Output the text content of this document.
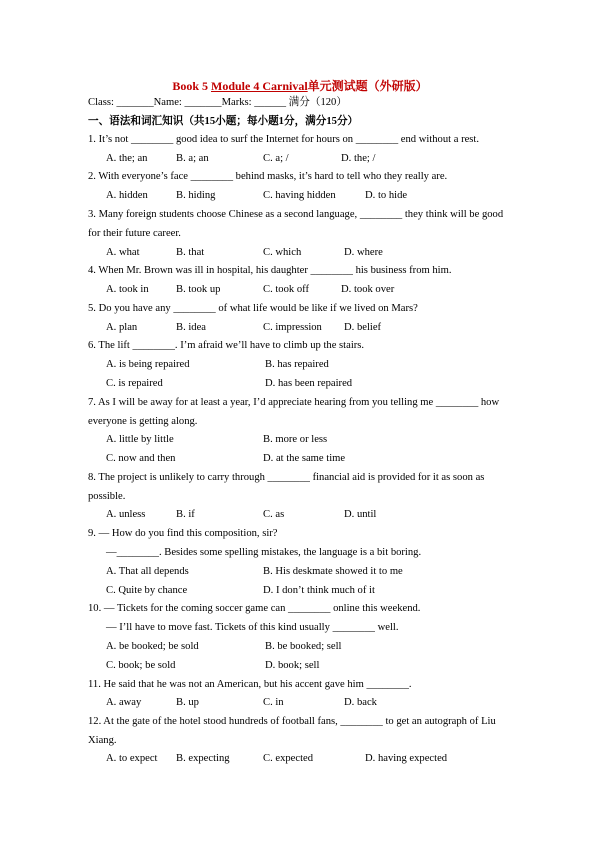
Book 5 Module 4 Carnival单元测试题（外研版）
Class: _______Name: _______Marks: ______ 满分（120）
一、语法和词汇知识（共15小题；每小题1分，满分15分）
1. It’s not ________ good idea to surf the Internet for hours on ________ end without a rest.
A. the; an	B. a; an	C. a; /	D. the; /
2. With everyone’s face ________ behind masks, it’s hard to tell who they really are.
A. hidden	B. hiding	C. having hidden	D. to hide
3. Many foreign students choose Chinese as a second language, ________ they think will be good
for their future career.
A. what	B. that	C. which	D. where
4. When Mr. Brown was ill in hospital, his daughter ________ his business from him.
A. took in	B. took up	C. took off	D. took over
5. Do you have any ________ of what life would be like if we lived on Mars?
A. plan	B. idea	C. impression D. belief
6. The lift ________. I’m afraid we’ll have to climb up the stairs.
A. is being repaired	B. has repaired
C. is repaired	D. has been repaired
7. As I will be away for at least a year, I’d appreciate hearing from you telling me ________ how
everyone is getting along.
A. little by little	B. more or less
C. now and then	D. at the same time
8. The project is unlikely to carry through ________ financial aid is provided for it as soon as
possible.
A. unless	B. if	C. as	D. until
9. — How do you find this composition, sir?
—________. Besides some spelling mistakes, the language is a bit boring.
A. That all depends	B. His deskmate showed it to me
C. Quite by chance	D. I don’t think much of it
10. — Tickets for the coming soccer game can ________ online this weekend.
— I’ll have to move fast. Tickets of this kind usually ________ well.
A. be booked; be sold	B. be booked; sell
C. book; be sold	D. book; sell
11. He said that he was not an American, but his accent gave him ________.
A. away	B. up	C. in	D. back
12. At the gate of the hotel stood hundreds of football fans, ________ to get an autograph of Liu
Xiang.
A. to expect B. expecting	C. expected	D. having expected
